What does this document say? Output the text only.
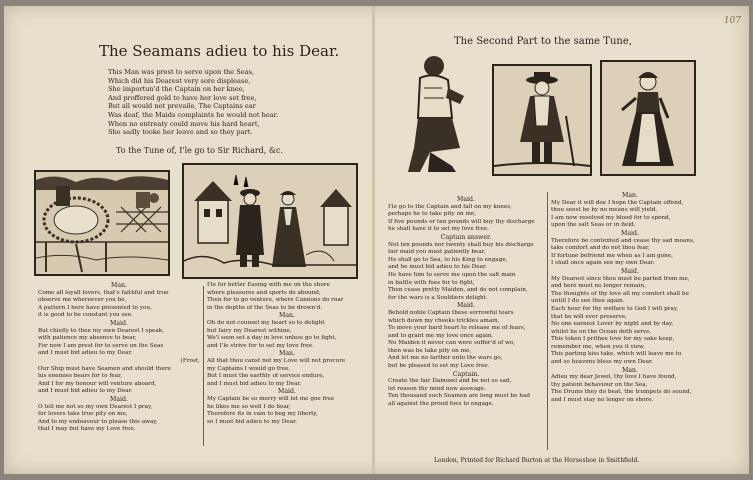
107
The Seamans adieu to his Dear.
This Man was prest to serve upon the Seas,
Which did his Dearest very sore displease,
She importun'd the Captain on her knee,
And proffered gold to have her love set free,
But all would not prevaile, The Captains ear
Was deaf, the Maids complaints he would not hear.
When no entreaty could move his hard heart,
She sadly tooke her leave and so they part.
To the Tune of, I'le go to Sir Richard, &c.
Man.
Come all loyall lovers, that's faithful and true
observe me whereever you be,
A pattern I here have presented to you,
it is good to be constant you see.
Maid.
But chiefly to thee my own Dearest I speak,
with patience my absence to bear,
For now I am prest for to serve on the Seas
and I must bid adieu to my Dear.
(Frost,
Our Ship must have Seamen and should there
his enemies bears for to fear,
And I for my honour will venture aboard,
and I must bid adieu to my Dear.
Maid.
O tell me not so my own Dearest I pray,
for lovers take true pity on me,
And to my endeavour to please this away,
that I may but have my Love free.
I'le for better Easing with me on the shore
where pleasures and sports do abound,
Then for to go venture, where Cannons do roar
in the depths of the Seas to be drown'd.
Man.
Oh do not counsel my heart so to delight
but fairy my Dearest withine,
We'l soon set a day in love unless go to fight,
and I'le strive for to set my love free.
Man.
All that thou canst not my Love will not procure
my Captains I would go free,
But I must the earthly of service endure,
and I must bid adieu to my Dear.
Maid.
My Captain be so merry will let me goe free
he likes me so well I do hear,
Therefore its in vain to beg my liberty,
so I must bid adieu to my Dear.
The Second Part to the same Tune,
Maid.
I'le go to the Captain and fall on my knees,
perhaps he to take pity on me,
If five pounds or ten pounds will buy thy discharge
he shall have it to set my love free.
Captain answer.
Not ten pounds nor twenty shall buy his discharge
fair maid you must patiently bear,
He shall go to Sea, to his King to engage,
and he must bid adieu to his Dear.
He have him to serve me upon the salt main
in battle with foes for to fight,
Then cease pretty Maiden, and do not complain,
for the wars is a Souldiers delight.
Maid.
Behold noble Captain these sorrowful tears
which down my cheeks trickles amain,
To move your hard heart to release me of fears,
and to grant me my love once again.
No Maiden it never can were suffer'd of wo,
then was he take pity on me,
And let me no farther unto the wars go,
but be pleased to set my Love free.
Captain.
Create the fair Damosel and be not so sad,
let reason thy mind now asswage.
Ten thousand such Seamen are long must be had
all against the proud foes to engage.
Man.
My Dear it will doe I hope the Captain offend,
thou seest he by no means will yield,
I am now resolved my blood for to spend,
upon the salt Seas or in field.
Maid.
Therefore be contented and cease thy sad moans,
take comfort and do not thou fear,
If fortune befriend me when as I am gone,
I shall once again see my own Dear.
Maid.
My Dearest since thou must be parted from me,
and here must no longer remain,
The thoughts of thy love all my comfort shall be
untill I do see thee again.
Each hour for thy welfare to God I will pray,
that he will ever preserve,
No one earnest Lover by night and by day,
whilst he on the Ocean doth serve.
This token I prithee love for my sake keep,
remember me, when you it view,
This parting kiss take, which will leave me to
and so heavens bless my own Dear.
Man.
Adieu my dear Jewel, thy love I have found,
thy patient behaviour on the Sea,
The Drums they do beat, the trumpets do sound,
and I must stay no longer on shore.
London, Printed for Richard Burton at the Horseshoe in Smithfield.
